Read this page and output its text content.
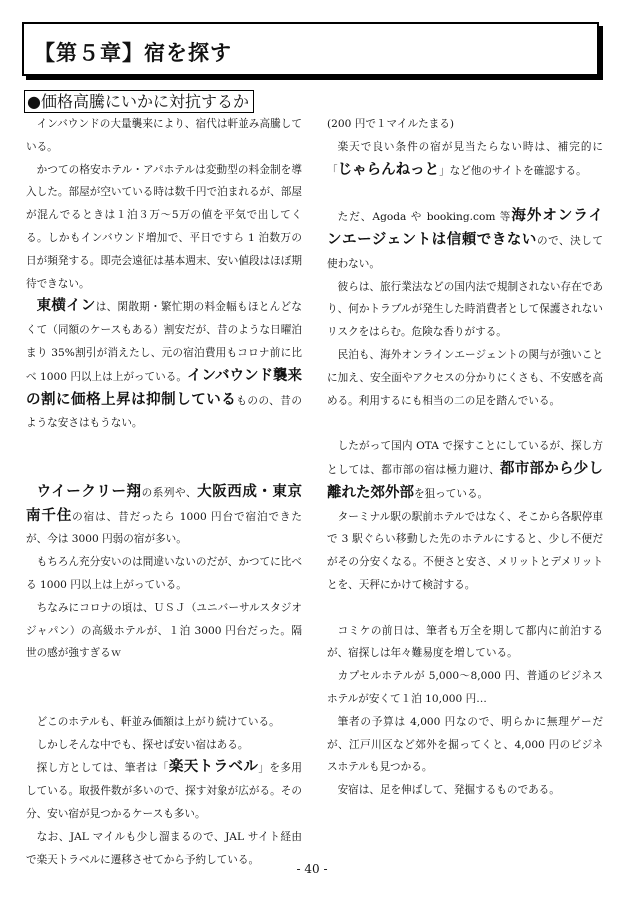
【第５章】宿を探す
●価格高騰にいかに対抗するか

インバウンドの大量襲来により、宿代は軒並み高騰している。

かつての格安ホテル・アパホテルは変動型の料金制を導入した。部屋が空いている時は数千円で泊まれるが、部屋が混んでるときは１泊３万～5万の値を平気で出してくる。しかもインバウンド増加で、平日ですら 1 泊数万の日が頻発する。即売会遠征は基本週末、安い値段はほぼ期待できない。

東横インは、閑散期・繁忙期の料金幅もほとんどなくて（同額のケースもある）割安だが、昔のような日曜泊まり 35%割引が消えたし、元の宿泊費用もコロナ前に比べ 1000 円以上は上がっている。インバウンド襲来の割に価格上昇は抑制しているものの、昔のような安さはもうない。

ウイークリー翔の系列や、大阪西成・東京南千住の宿は、昔だったら 1000 円台で宿泊できたが、今は 3000 円弱の宿が多い。

もちろん充分安いのは間違いないのだが、かつてに比べる 1000 円以上は上がっている。

ちなみにコロナの頃は、ＵＳＪ（ユニバーサルスタジオジャパン）の高級ホテルが、１泊 3000 円台だった。隔世の感が強すぎるｗ

どこのホテルも、軒並み価額は上がり続けている。

しかしそんな中でも、探せば安い宿はある。

探し方としては、筆者は「楽天トラベル」を多用している。取扱件数が多いので、探す対象が広がる。その分、安い宿が見つかるケースも多い。

なお、JAL マイルも少し溜まるので、JAL サイト経由で楽天トラベルに遷移させてから予約している。

(200 円で１マイルたまる)

楽天で良い条件の宿が見当たらない時は、補完的に「じゃらんねっと」など他のサイトを確認する。

ただ、Agoda や booking.com 等海外オンラインエージェントは信頼できないので、決して使わない。

彼らは、旅行業法などの国内法で規制されない存在であり、何かトラブルが発生した時消費者として保護されないリスクをはらむ。危険な香りがする。

民泊も、海外オンラインエージェントの関与が強いことに加え、安全面やアクセスの分かりにくさも、不安感を高める。利用するにも相当の二の足を踏んでいる。

したがって国内 OTA で探すことにしているが、探し方としては、都市部の宿は極力避け、都市部から少し離れた郊外部を狙っている。

ターミナル駅の駅前ホテルではなく、そこから各駅停車で 3 駅ぐらい移動した先のホテルにすると、少し不便だがその分安くなる。不便さと安さ、メリットとデメリットとを、天秤にかけて検討する。

コミケの前日は、筆者も万全を期して都内に前泊するが、宿探しは年々難易度を増している。

カプセルホテルが 5,000～8,000 円、普通のビジネスホテルが安くて１泊 10,000 円…

筆者の予算は 4,000 円なので、明らかに無理ゲーだが、江戸川区など郊外を掘ってくと、4,000 円のビジネスホテルも見つかる。

安宿は、足を伸ばして、発掘するものである。

- 40 -
